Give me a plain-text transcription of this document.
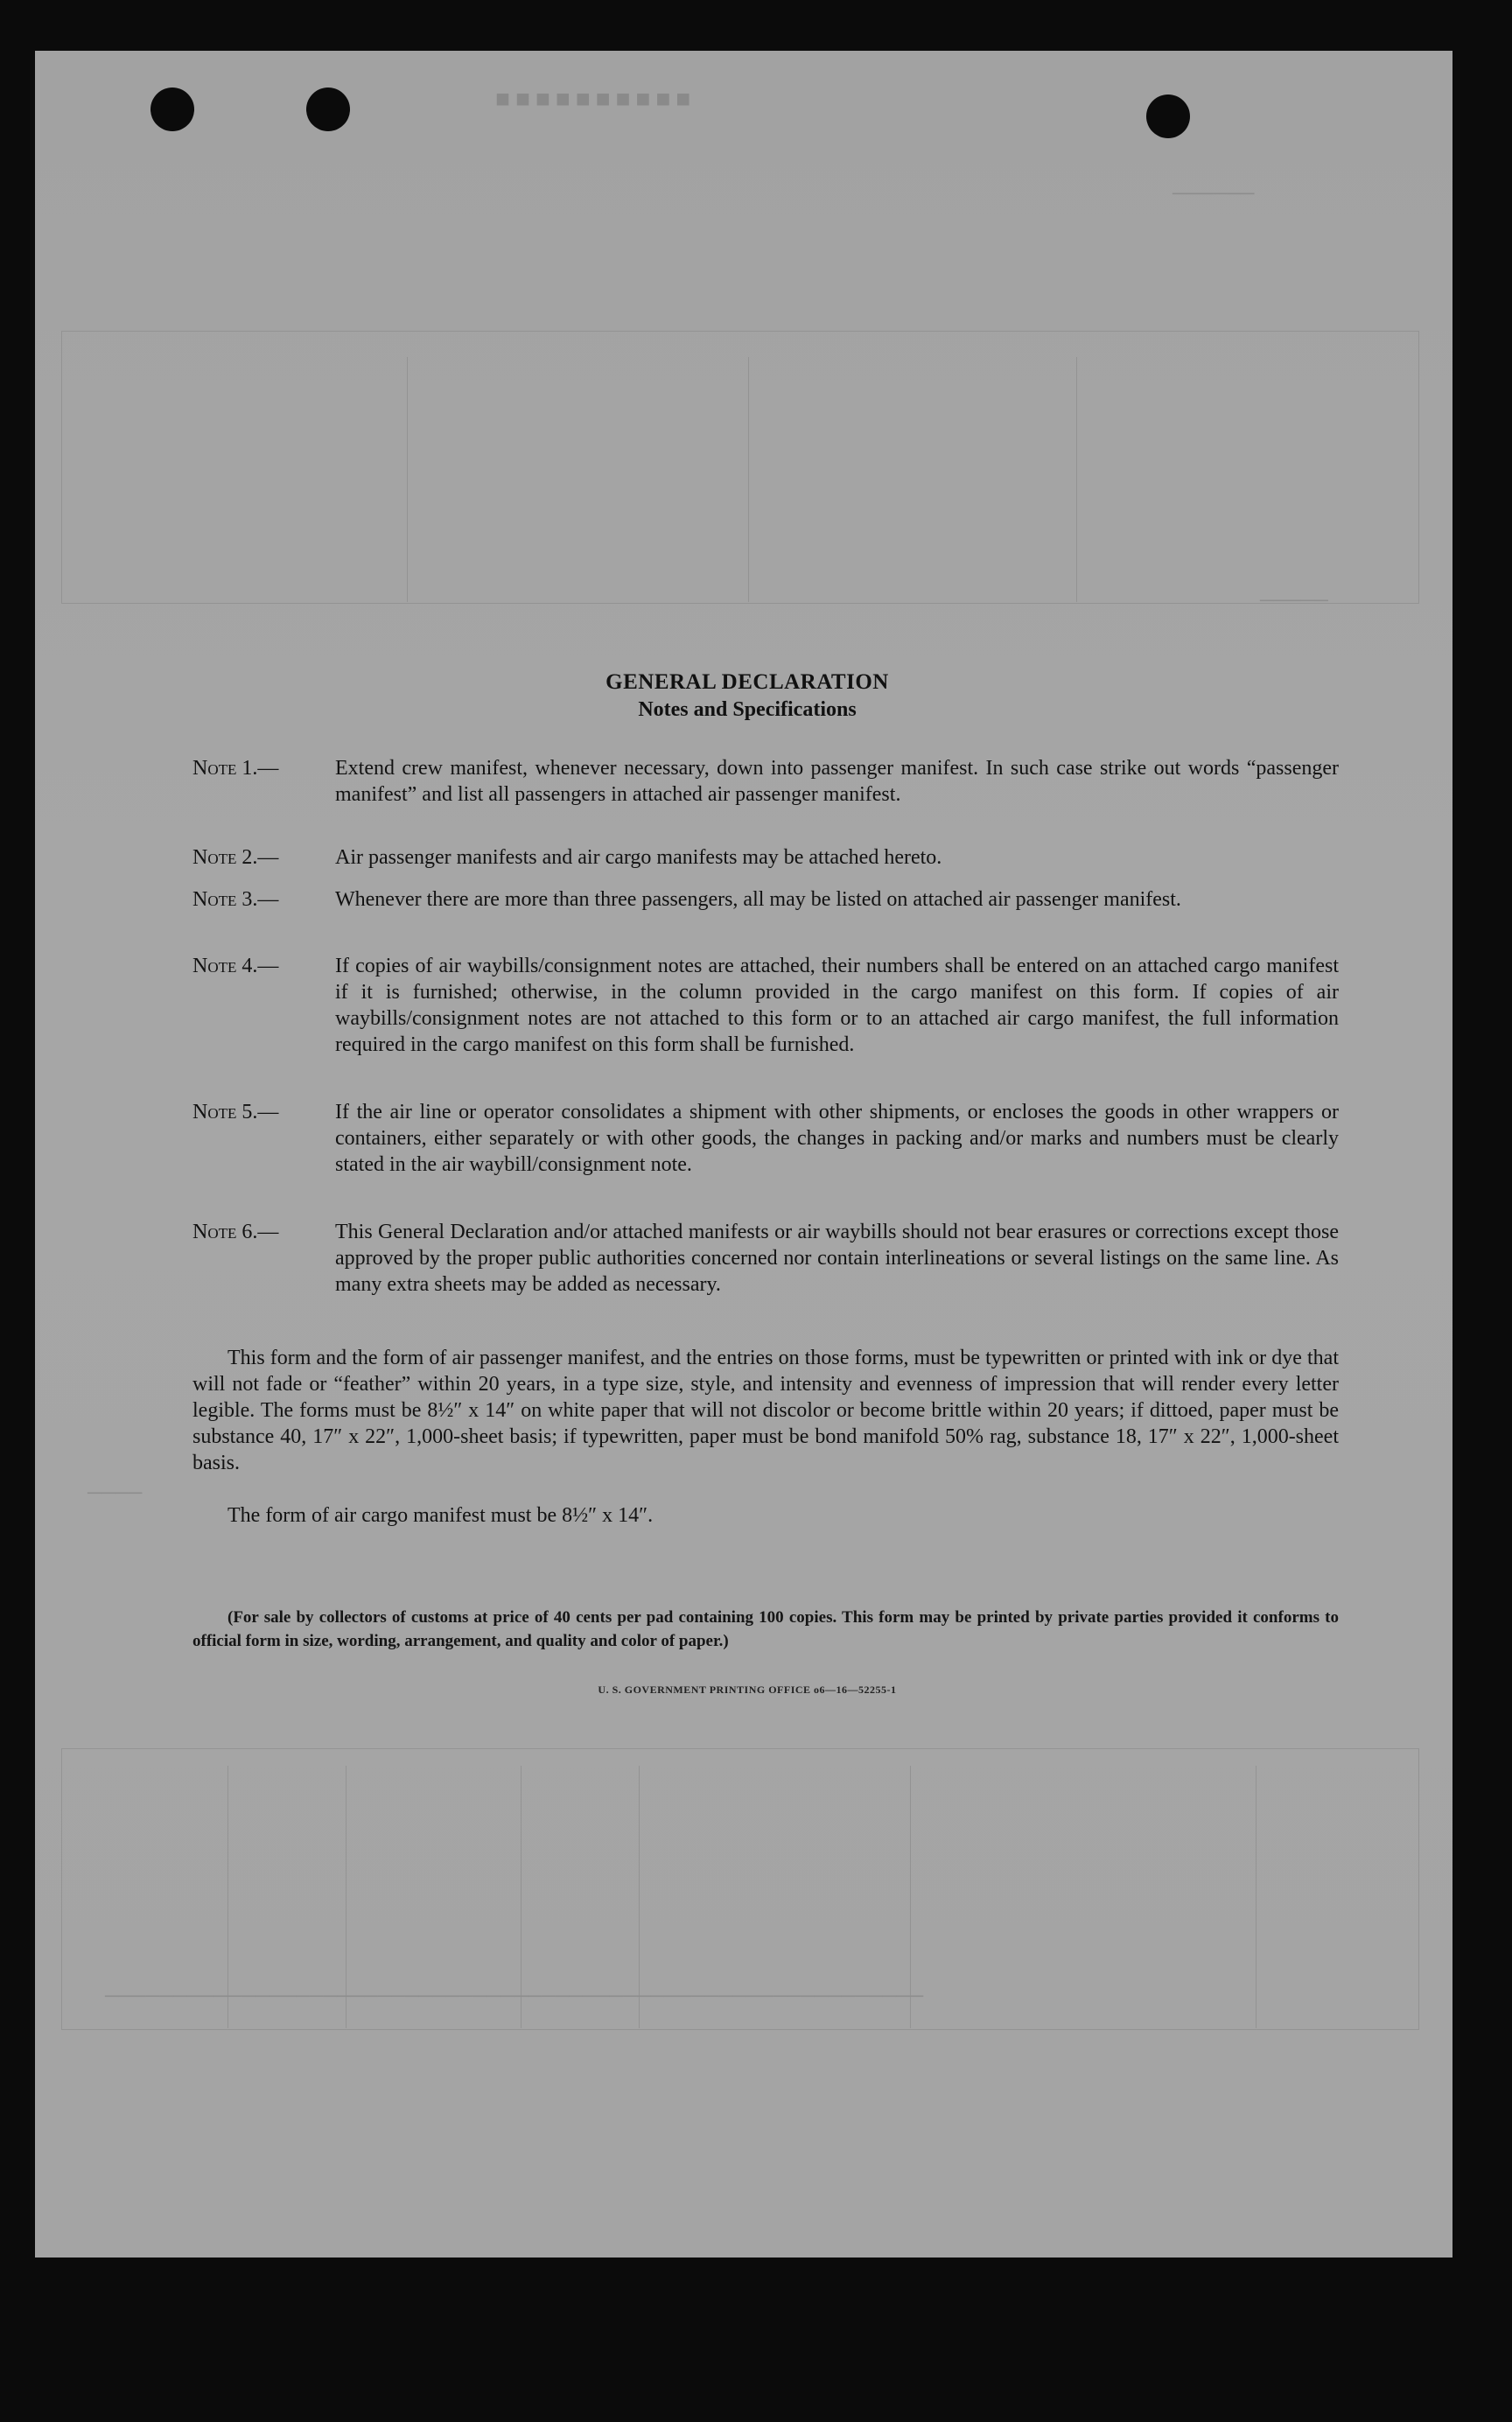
■■■■■■■■■■
──────
─────
────
────────────────────────────────────────────────────────────
GENERAL DECLARATION
Notes and Specifications
Note 1.—	Extend crew manifest, whenever necessary, down into passenger manifest. In such case strike out words “passenger manifest” and list all passengers in attached air passenger manifest.
Note 2.—	Air passenger manifests and air cargo manifests may be attached hereto.
Note 3.—	Whenever there are more than three passengers, all may be listed on attached air passenger manifest.
Note 4.—	If copies of air waybills/consignment notes are attached, their numbers shall be entered on an attached cargo manifest if it is furnished; otherwise, in the column provided in the cargo manifest on this form. If copies of air waybills/consignment notes are not attached to this form or to an attached air cargo manifest, the full information required in the cargo manifest on this form shall be furnished.
Note 5.—	If the air line or operator consolidates a shipment with other shipments, or encloses the goods in other wrappers or containers, either separately or with other goods, the changes in packing and/or marks and numbers must be clearly stated in the air waybill/consignment note.
Note 6.—	This General Declaration and/or attached manifests or air waybills should not bear erasures or corrections except those approved by the proper public authorities concerned nor contain interlineations or several listings on the same line. As many extra sheets may be added as necessary.
This form and the form of air passenger manifest, and the entries on those forms, must be typewritten or printed with ink or dye that will not fade or “feather” within 20 years, in a type size, style, and intensity and evenness of impression that will render every letter legible. The forms must be 8½″ x 14″ on white paper that will not discolor or become brittle within 20 years; if dittoed, paper must be substance 40, 17″ x 22″, 1,000-sheet basis; if typewritten, paper must be bond manifold 50% rag, substance 18, 17″ x 22″, 1,000-sheet basis.
The form of air cargo manifest must be 8½″ x 14″.
(For sale by collectors of customs at price of 40 cents per pad containing 100 copies. This form may be printed by private parties provided it conforms to official form in size, wording, arrangement, and quality and color of paper.)
U. S. GOVERNMENT PRINTING OFFICE o6—16—52255-1
